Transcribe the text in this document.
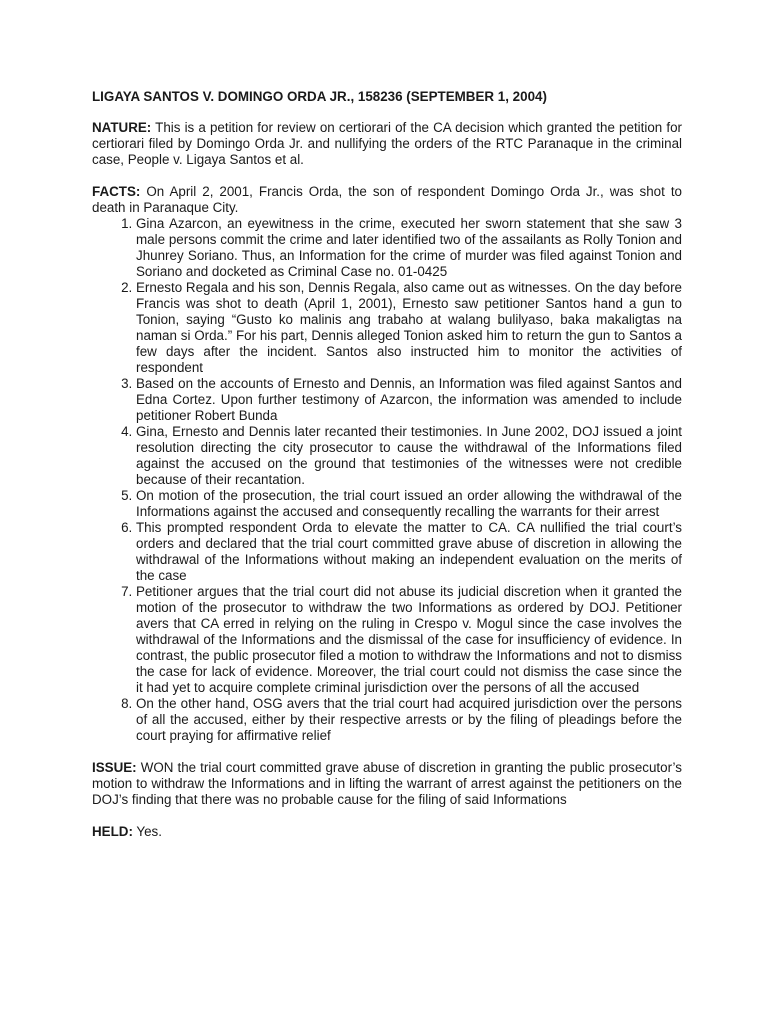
LIGAYA SANTOS V. DOMINGO ORDA JR., 158236 (SEPTEMBER 1, 2004)
NATURE: This is a petition for review on certiorari of the CA decision which granted the petition for certiorari filed by Domingo Orda Jr. and nullifying the orders of the RTC Paranaque in the criminal case, People v. Ligaya Santos et al.
FACTS: On April 2, 2001, Francis Orda, the son of respondent Domingo Orda Jr., was shot to death in Paranaque City.
1. Gina Azarcon, an eyewitness in the crime, executed her sworn statement that she saw 3 male persons commit the crime and later identified two of the assailants as Rolly Tonion and Jhunrey Soriano. Thus, an Information for the crime of murder was filed against Tonion and Soriano and docketed as Criminal Case no. 01-0425
2. Ernesto Regala and his son, Dennis Regala, also came out as witnesses. On the day before Francis was shot to death (April 1, 2001), Ernesto saw petitioner Santos hand a gun to Tonion, saying “Gusto ko malinis ang trabaho at walang bulilyaso, baka makaligtas na naman si Orda.” For his part, Dennis alleged Tonion asked him to return the gun to Santos a few days after the incident. Santos also instructed him to monitor the activities of respondent
3. Based on the accounts of Ernesto and Dennis, an Information was filed against Santos and Edna Cortez. Upon further testimony of Azarcon, the information was amended to include petitioner Robert Bunda
4. Gina, Ernesto and Dennis later recanted their testimonies. In June 2002, DOJ issued a joint resolution directing the city prosecutor to cause the withdrawal of the Informations filed against the accused on the ground that testimonies of the witnesses were not credible because of their recantation.
5. On motion of the prosecution, the trial court issued an order allowing the withdrawal of the Informations against the accused and consequently recalling the warrants for their arrest
6. This prompted respondent Orda to elevate the matter to CA. CA nullified the trial court’s orders and declared that the trial court committed grave abuse of discretion in allowing the withdrawal of the Informations without making an independent evaluation on the merits of the case
7. Petitioner argues that the trial court did not abuse its judicial discretion when it granted the motion of the prosecutor to withdraw the two Informations as ordered by DOJ. Petitioner avers that CA erred in relying on the ruling in Crespo v. Mogul since the case involves the withdrawal of the Informations and the dismissal of the case for insufficiency of evidence. In contrast, the public prosecutor filed a motion to withdraw the Informations and not to dismiss the case for lack of evidence. Moreover, the trial court could not dismiss the case since the it had yet to acquire complete criminal jurisdiction over the persons of all the accused
8. On the other hand, OSG avers that the trial court had acquired jurisdiction over the persons of all the accused, either by their respective arrests or by the filing of pleadings before the court praying for affirmative relief
ISSUE: WON the trial court committed grave abuse of discretion in granting the public prosecutor’s motion to withdraw the Informations and in lifting the warrant of arrest against the petitioners on the DOJ’s finding that there was no probable cause for the filing of said Informations
HELD: Yes.
